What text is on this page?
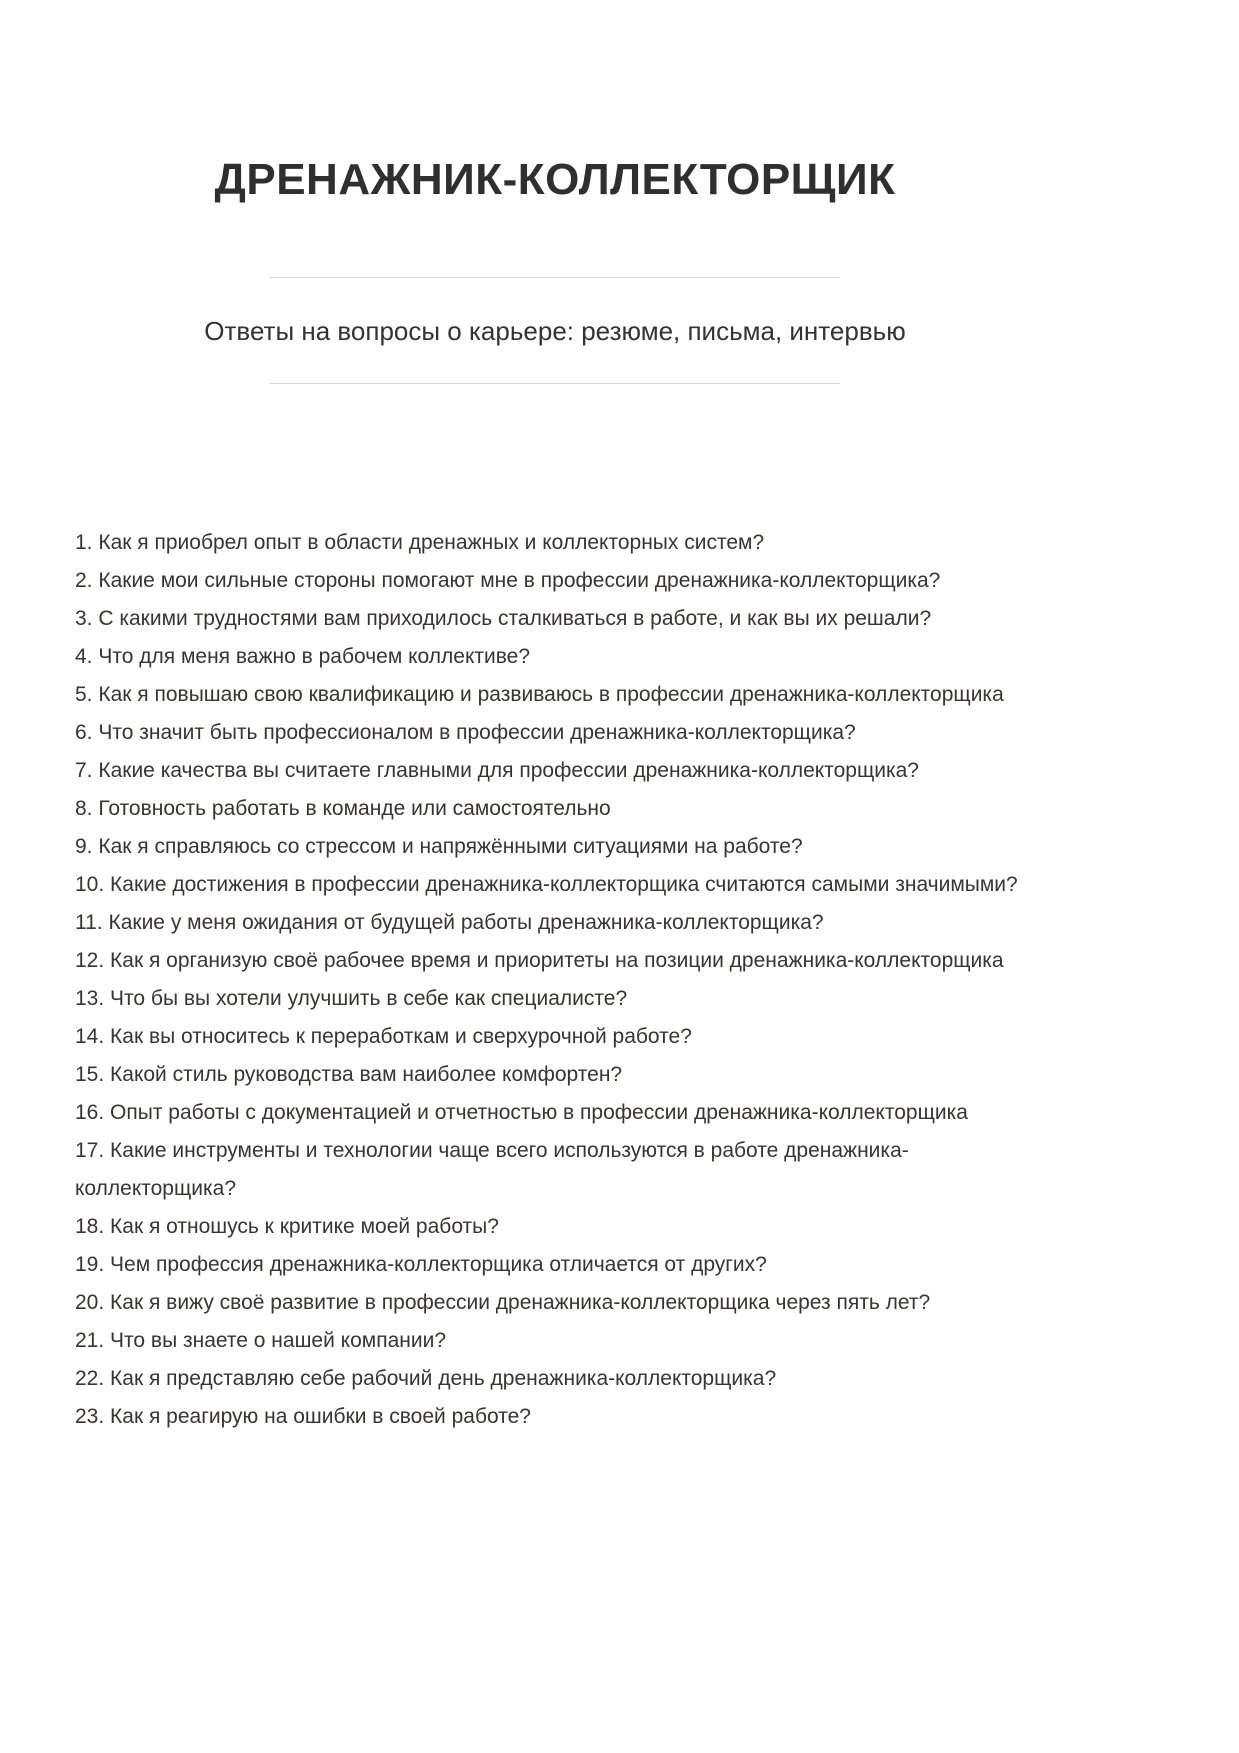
ДРЕНАЖНИК-КОЛЛЕКТОРЩИК
Ответы на вопросы о карьере: резюме, письма, интервью

1. Как я приобрел опыт в области дренажных и коллекторных систем?

2. Какие мои сильные стороны помогают мне в профессии дренажника-коллекторщика?

3. С какими трудностями вам приходилось сталкиваться в работе, и как вы их решали?

4. Что для меня важно в рабочем коллективе?

5. Как я повышаю свою квалификацию и развиваюсь в профессии дренажника-коллекторщика

6. Что значит быть профессионалом в профессии дренажника-коллекторщика?

7. Какие качества вы считаете главными для профессии дренажника-коллекторщика?

8. Готовность работать в команде или самостоятельно

9. Как я справляюсь со стрессом и напряжёнными ситуациями на работе?

10. Какие достижения в профессии дренажника-коллекторщика считаются самыми значимыми?

11. Какие у меня ожидания от будущей работы дренажника-коллекторщика?

12. Как я организую своё рабочее время и приоритеты на позиции дренажника-коллекторщика

13. Что бы вы хотели улучшить в себе как специалисте?

14. Как вы относитесь к переработкам и сверхурочной работе?

15. Какой стиль руководства вам наиболее комфортен?

16. Опыт работы с документацией и отчетностью в профессии дренажника-коллекторщика

17. Какие инструменты и технологии чаще всего используются в работе дренажника-коллекторщика?

18. Как я отношусь к критике моей работы?

19. Чем профессия дренажника-коллекторщика отличается от других?

20. Как я вижу своё развитие в профессии дренажника-коллекторщика через пять лет?

21. Что вы знаете о нашей компании?

22. Как я представляю себе рабочий день дренажника-коллекторщика?

23. Как я реагирую на ошибки в своей работе?
